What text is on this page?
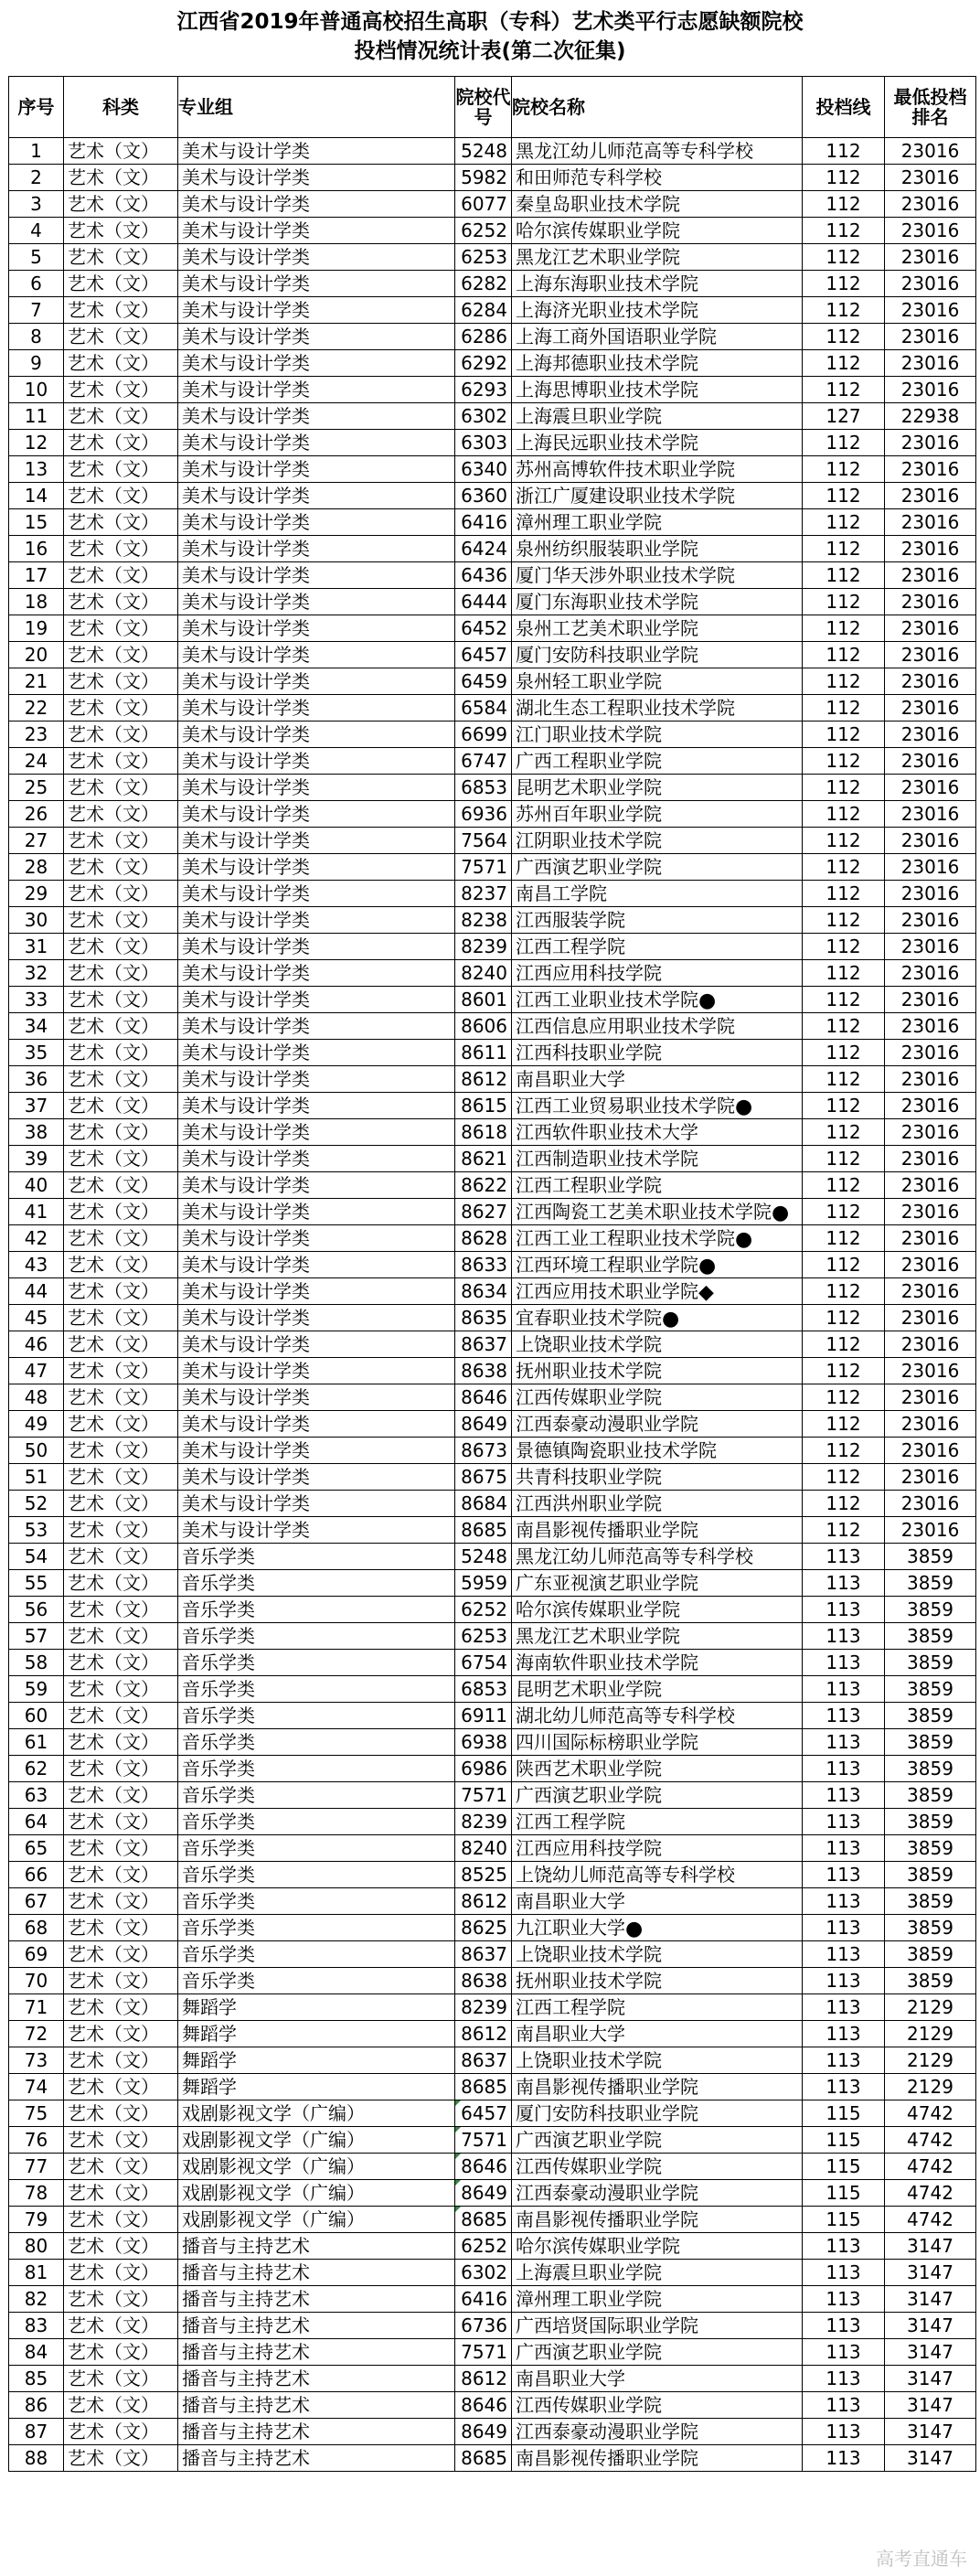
江西省2019年普通高校招生高职（专科）艺术类平行志愿缺额院校
投档情况统计表(第二次征集)
序号	科类	专业组	院校代号	院校名称	投档线	最低投档排名
1	艺术（文）	美术与设计学类	5248	黑龙江幼儿师范高等专科学校	112	23016
2	艺术（文）	美术与设计学类	5982	和田师范专科学校	112	23016
3	艺术（文）	美术与设计学类	6077	秦皇岛职业技术学院	112	23016
4	艺术（文）	美术与设计学类	6252	哈尔滨传媒职业学院	112	23016
5	艺术（文）	美术与设计学类	6253	黑龙江艺术职业学院	112	23016
6	艺术（文）	美术与设计学类	6282	上海东海职业技术学院	112	23016
7	艺术（文）	美术与设计学类	6284	上海济光职业技术学院	112	23016
8	艺术（文）	美术与设计学类	6286	上海工商外国语职业学院	112	23016
9	艺术（文）	美术与设计学类	6292	上海邦德职业技术学院	112	23016
10	艺术（文）	美术与设计学类	6293	上海思博职业技术学院	112	23016
11	艺术（文）	美术与设计学类	6302	上海震旦职业学院	127	22938
12	艺术（文）	美术与设计学类	6303	上海民远职业技术学院	112	23016
13	艺术（文）	美术与设计学类	6340	苏州高博软件技术职业学院	112	23016
14	艺术（文）	美术与设计学类	6360	浙江广厦建设职业技术学院	112	23016
15	艺术（文）	美术与设计学类	6416	漳州理工职业学院	112	23016
16	艺术（文）	美术与设计学类	6424	泉州纺织服装职业学院	112	23016
17	艺术（文）	美术与设计学类	6436	厦门华天涉外职业技术学院	112	23016
18	艺术（文）	美术与设计学类	6444	厦门东海职业技术学院	112	23016
19	艺术（文）	美术与设计学类	6452	泉州工艺美术职业学院	112	23016
20	艺术（文）	美术与设计学类	6457	厦门安防科技职业学院	112	23016
21	艺术（文）	美术与设计学类	6459	泉州轻工职业学院	112	23016
22	艺术（文）	美术与设计学类	6584	湖北生态工程职业技术学院	112	23016
23	艺术（文）	美术与设计学类	6699	江门职业技术学院	112	23016
24	艺术（文）	美术与设计学类	6747	广西工程职业学院	112	23016
25	艺术（文）	美术与设计学类	6853	昆明艺术职业学院	112	23016
26	艺术（文）	美术与设计学类	6936	苏州百年职业学院	112	23016
27	艺术（文）	美术与设计学类	7564	江阴职业技术学院	112	23016
28	艺术（文）	美术与设计学类	7571	广西演艺职业学院	112	23016
29	艺术（文）	美术与设计学类	8237	南昌工学院	112	23016
30	艺术（文）	美术与设计学类	8238	江西服装学院	112	23016
31	艺术（文）	美术与设计学类	8239	江西工程学院	112	23016
32	艺术（文）	美术与设计学类	8240	江西应用科技学院	112	23016
33	艺术（文）	美术与设计学类	8601	江西工业职业技术学院●	112	23016
34	艺术（文）	美术与设计学类	8606	江西信息应用职业技术学院	112	23016
35	艺术（文）	美术与设计学类	8611	江西科技职业学院	112	23016
36	艺术（文）	美术与设计学类	8612	南昌职业大学	112	23016
37	艺术（文）	美术与设计学类	8615	江西工业贸易职业技术学院●	112	23016
38	艺术（文）	美术与设计学类	8618	江西软件职业技术大学	112	23016
39	艺术（文）	美术与设计学类	8621	江西制造职业技术学院	112	23016
40	艺术（文）	美术与设计学类	8622	江西工程职业学院	112	23016
41	艺术（文）	美术与设计学类	8627	江西陶瓷工艺美术职业技术学院●	112	23016
42	艺术（文）	美术与设计学类	8628	江西工业工程职业技术学院●	112	23016
43	艺术（文）	美术与设计学类	8633	江西环境工程职业学院●	112	23016
44	艺术（文）	美术与设计学类	8634	江西应用技术职业学院◆	112	23016
45	艺术（文）	美术与设计学类	8635	宜春职业技术学院●	112	23016
46	艺术（文）	美术与设计学类	8637	上饶职业技术学院	112	23016
47	艺术（文）	美术与设计学类	8638	抚州职业技术学院	112	23016
48	艺术（文）	美术与设计学类	8646	江西传媒职业学院	112	23016
49	艺术（文）	美术与设计学类	8649	江西泰豪动漫职业学院	112	23016
50	艺术（文）	美术与设计学类	8673	景德镇陶瓷职业技术学院	112	23016
51	艺术（文）	美术与设计学类	8675	共青科技职业学院	112	23016
52	艺术（文）	美术与设计学类	8684	江西洪州职业学院	112	23016
53	艺术（文）	美术与设计学类	8685	南昌影视传播职业学院	112	23016
54	艺术（文）	音乐学类	5248	黑龙江幼儿师范高等专科学校	113	3859
55	艺术（文）	音乐学类	5959	广东亚视演艺职业学院	113	3859
56	艺术（文）	音乐学类	6252	哈尔滨传媒职业学院	113	3859
57	艺术（文）	音乐学类	6253	黑龙江艺术职业学院	113	3859
58	艺术（文）	音乐学类	6754	海南软件职业技术学院	113	3859
59	艺术（文）	音乐学类	6853	昆明艺术职业学院	113	3859
60	艺术（文）	音乐学类	6911	湖北幼儿师范高等专科学校	113	3859
61	艺术（文）	音乐学类	6938	四川国际标榜职业学院	113	3859
62	艺术（文）	音乐学类	6986	陕西艺术职业学院	113	3859
63	艺术（文）	音乐学类	7571	广西演艺职业学院	113	3859
64	艺术（文）	音乐学类	8239	江西工程学院	113	3859
65	艺术（文）	音乐学类	8240	江西应用科技学院	113	3859
66	艺术（文）	音乐学类	8525	上饶幼儿师范高等专科学校	113	3859
67	艺术（文）	音乐学类	8612	南昌职业大学	113	3859
68	艺术（文）	音乐学类	8625	九江职业大学●	113	3859
69	艺术（文）	音乐学类	8637	上饶职业技术学院	113	3859
70	艺术（文）	音乐学类	8638	抚州职业技术学院	113	3859
71	艺术（文）	舞蹈学	8239	江西工程学院	113	2129
72	艺术（文）	舞蹈学	8612	南昌职业大学	113	2129
73	艺术（文）	舞蹈学	8637	上饶职业技术学院	113	2129
74	艺术（文）	舞蹈学	8685	南昌影视传播职业学院	113	2129
75	艺术（文）	戏剧影视文学（广编）	6457	厦门安防科技职业学院	115	4742
76	艺术（文）	戏剧影视文学（广编）	7571	广西演艺职业学院	115	4742
77	艺术（文）	戏剧影视文学（广编）	8646	江西传媒职业学院	115	4742
78	艺术（文）	戏剧影视文学（广编）	8649	江西泰豪动漫职业学院	115	4742
79	艺术（文）	戏剧影视文学（广编）	8685	南昌影视传播职业学院	115	4742
80	艺术（文）	播音与主持艺术	6252	哈尔滨传媒职业学院	113	3147
81	艺术（文）	播音与主持艺术	6302	上海震旦职业学院	113	3147
82	艺术（文）	播音与主持艺术	6416	漳州理工职业学院	113	3147
83	艺术（文）	播音与主持艺术	6736	广西培贤国际职业学院	113	3147
84	艺术（文）	播音与主持艺术	7571	广西演艺职业学院	113	3147
85	艺术（文）	播音与主持艺术	8612	南昌职业大学	113	3147
86	艺术（文）	播音与主持艺术	8646	江西传媒职业学院	113	3147
87	艺术（文）	播音与主持艺术	8649	江西泰豪动漫职业学院	113	3147
88	艺术（文）	播音与主持艺术	8685	南昌影视传播职业学院	113	3147
高考直通车
